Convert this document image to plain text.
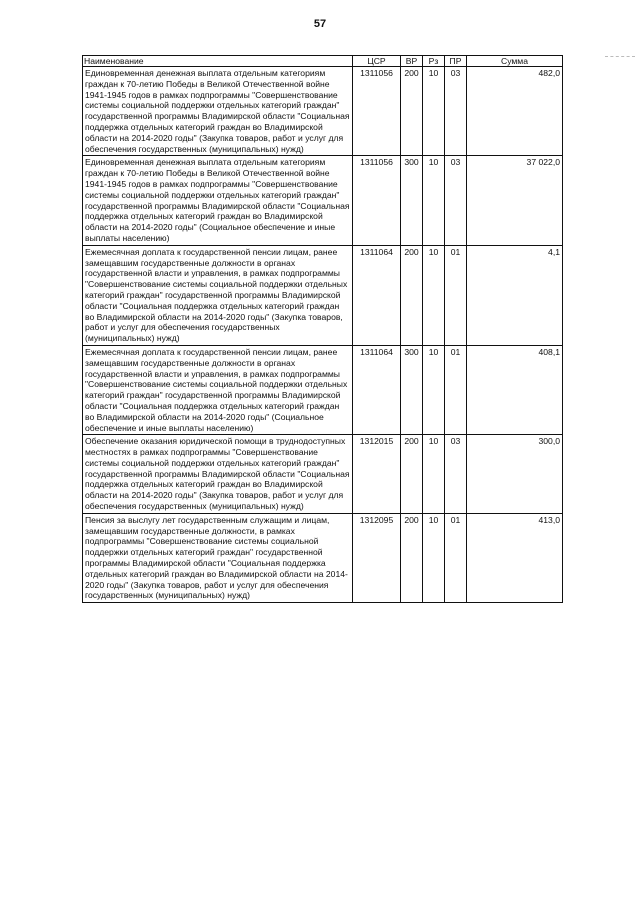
57
Наименование	ЦСР	ВР	Рз	ПР	Сумма
Единовременная денежная выплата отдельным категориям граждан к 70-летию Победы в Великой Отечественной войне 1941-1945 годов в рамках подпрограммы "Совершенствование системы социальной поддержки отдельных категорий граждан" государственной программы Владимирской области "Социальная поддержка отдельных категорий граждан во Владимирской области на 2014-2020 годы" (Закупка товаров, работ и услуг для обеспечения государственных (муниципальных) нужд)	1311056	200	10	03	482,0
Единовременная денежная выплата отдельным категориям граждан к 70-летию Победы в Великой Отечественной войне 1941-1945 годов в рамках подпрограммы "Совершенствование системы социальной поддержки отдельных категорий граждан" государственной программы Владимирской области "Социальная поддержка отдельных категорий граждан во Владимирской области на 2014-2020 годы" (Социальное обеспечение и иные выплаты населению)	1311056	300	10	03	37 022,0
Ежемесячная доплата к государственной пенсии лицам, ранее замещавшим государственные должности в органах государственной власти и управления, в рамках подпрограммы "Совершенствование системы социальной поддержки отдельных категорий граждан" государственной программы Владимирской области "Социальная поддержка отдельных категорий граждан во Владимирской области на 2014-2020 годы" (Закупка товаров, работ и услуг для обеспечения государственных (муниципальных) нужд)	1311064	200	10	01	4,1
Ежемесячная доплата к государственной пенсии лицам, ранее замещавшим государственные должности в органах государственной власти и управления, в рамках подпрограммы "Совершенствование системы социальной поддержки отдельных категорий граждан" государственной программы Владимирской области "Социальная поддержка отдельных категорий граждан во Владимирской области на 2014-2020 годы" (Социальное обеспечение и иные выплаты населению)	1311064	300	10	01	408,1
Обеспечение оказания юридической помощи в труднодоступных местностях в рамках подпрограммы "Совершенствование системы социальной поддержки отдельных категорий граждан" государственной программы Владимирской области "Социальная поддержка отдельных категорий граждан во Владимирской области на 2014-2020 годы" (Закупка товаров, работ и услуг для обеспечения государственных (муниципальных) нужд)	1312015	200	10	03	300,0
Пенсия за выслугу лет государственным служащим и лицам, замещавшим государственные должности, в рамках подпрограммы "Совершенствование системы социальной поддержки отдельных категорий граждан" государственной программы Владимирской области "Социальная поддержка отдельных категорий граждан во Владимирской области на 2014-2020 годы" (Закупка товаров, работ и услуг для обеспечения государственных (муниципальных) нужд)	1312095	200	10	01	413,0
